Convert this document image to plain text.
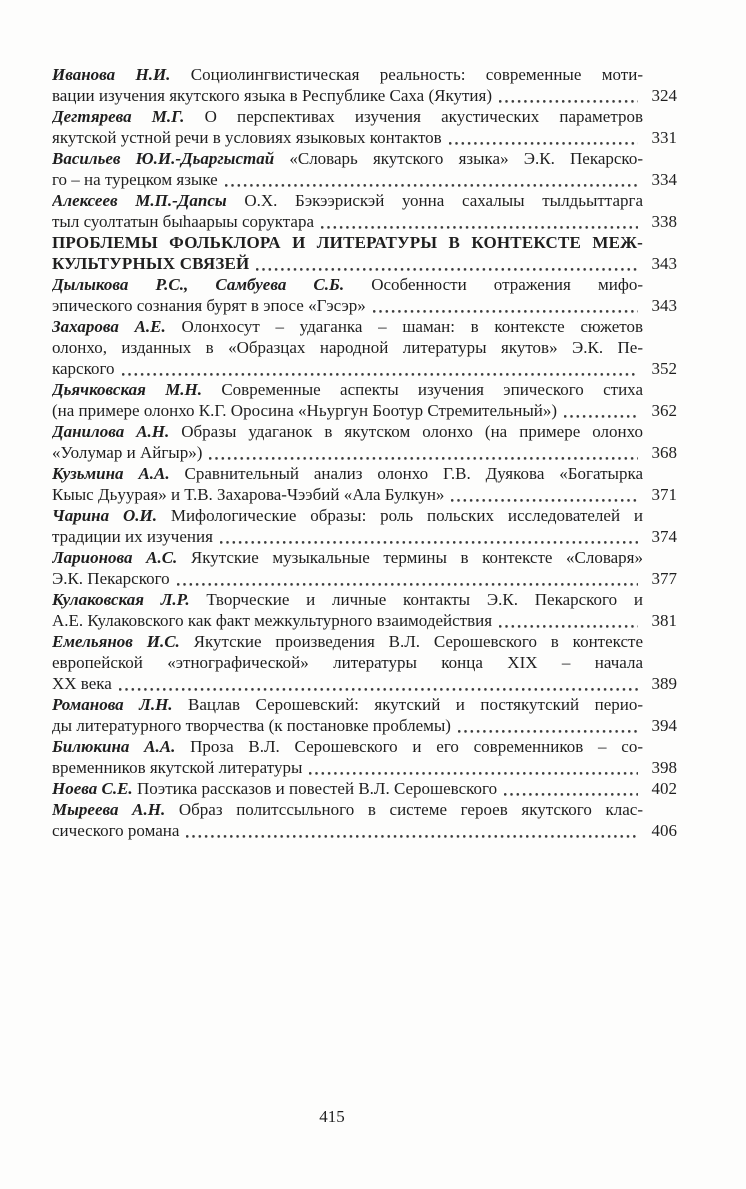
Иванова Н.И. Социолингвистическая реальность: современные моти-
вации изучения якутского языка в Республике Саха (Якутия)	324
Дегтярева М.Г. О перспективах изучения акустических параметров
якутской устной речи в условиях языковых контактов	331
Васильев Ю.И.-Дьаргыстай «Словарь якутского языка» Э.К. Пекарско-
го – на турецком языке	334
Алексеев М.П.-Дапсы О.Х. Бэкээрискэй уонна сахалыы тылдьыттарга
тыл суолтатын быһаарыы соруктара	338
ПРОБЛЕМЫ ФОЛЬКЛОРА И ЛИТЕРАТУРЫ В КОНТЕКСТЕ МЕЖ-
КУЛЬТУРНЫХ СВЯЗЕЙ	343
Дылыкова Р.С., Самбуева С.Б. Особенности отражения мифо-
эпического сознания бурят в эпосе «Гэсэр»	343
Захарова А.Е. Олонхосут – удаганка – шаман: в контексте сюжетов
олонхо, изданных в «Образцах народной литературы якутов» Э.К. Пе-
карского	352
Дьячковская М.Н. Современные аспекты изучения эпического стиха
(на примере олонхо К.Г. Оросина «Ньургун Боотур Стремительный»)	362
Данилова А.Н. Образы удаганок в якутском олонхо (на примере олонхо
«Уолумар и Айгыр»)	368
Кузьмина А.А. Сравнительный анализ олонхо Г.В. Дуякова «Богатырка
Кыыс Дьуурая» и Т.В. Захарова-Чээбий «Ала Булкун»	371
Чарина О.И. Мифологические образы: роль польских исследователей и
традиции их изучения	374
Ларионова А.С. Якутские музыкальные термины в контексте «Словаря»
Э.К. Пекарского	377
Кулаковская Л.Р. Творческие и личные контакты Э.К. Пекарского и
А.Е. Кулаковского как факт межкультурного взаимодействия	381
Емельянов И.С. Якутские произведения В.Л. Серошевского в контексте
европейской «этнографической» литературы конца XIX – начала
XX века	389
Романова Л.Н. Вацлав Серошевский: якутский и постякутский перио-
ды литературного творчества (к постановке проблемы)	394
Билюкина А.А. Проза В.Л. Серошевского и его современников – со-
временников якутской литературы	398
Ноева С.Е. Поэтика рассказов и повестей В.Л. Серошевского	402
Мыреева А.Н. Образ политссыльного в системе героев якутского клас-
сического романа	406
415
